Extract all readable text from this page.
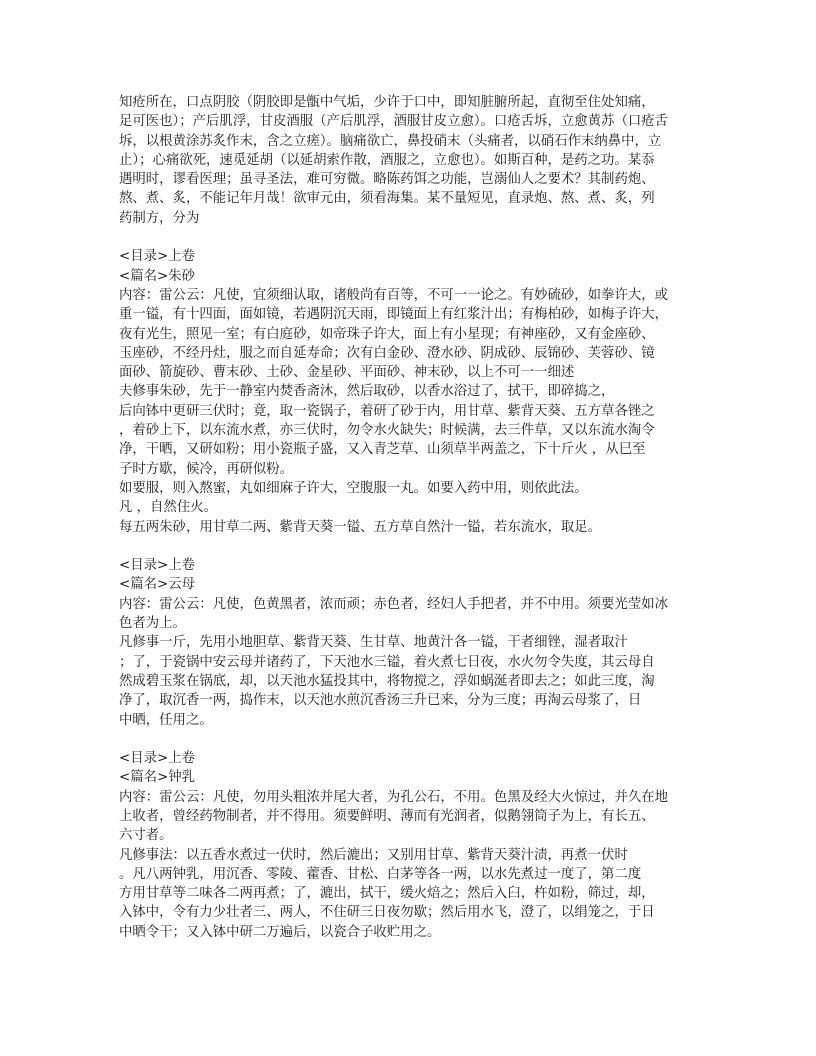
知疮所在，口点阴胶（阴胶即是甑中气垢，少许于口中，即知脏腑所起，直彻至住处知痛，
足可医也）；产后肌浮，甘皮酒服（产后肌浮，酒服甘皮立愈）。口疮舌坼，立愈黄苏（口疮舌
坼，以根黄涂苏炙作末，含之立瘥）。脑痛欲亡，鼻投硝末（头痛者，以硝石作末纳鼻中，立
止）；心痛欲死，速觅延胡（以延胡索作散，酒服之，立愈也）。如斯百种，是药之功。某忝
遇明时，谬看医理；虽寻圣法，难可穷微。略陈药饵之功能，岂溺仙人之要术？其制药炮、
熬、煮、炙，不能记年月哉！欲审元由，须看海集。某不量短见，直录炮、熬、煮、炙，列
药制方，分为
<目录>上卷
<篇名>朱砂
内容：雷公云：凡使，宜须细认取，诸般尚有百等，不可一一论之。有妙硫砂，如拳许大，或
重一镒，有十四面，面如镜，若遇阴沉天雨，即镜面上有红浆汁出；有梅柏砂，如梅子许大，
夜有光生，照见一室；有白庭砂，如帝珠子许大，面上有小星现；有神座砂，又有金座砂、
玉座砂，不经丹灶，服之而自延寿命；次有白金砂、澄水砂、阴成砂、辰锦砂、芙蓉砂、镜
面砂、箭旋砂、曹末砂、土砂、金星砂、平面砂、神末砂，以上不可一一细述
夫修事朱砂，先于一静室内焚香斋沐，然后取砂，以香水浴过了，拭干，即碎捣之，
后向钵中更研三伏时；竟，取一瓷锅子，着研了砂于内，用甘草、紫背天葵、五方草各锉之
，着砂上下，以东流水煮，亦三伏时，勿令水火缺失；时候满，去三件草，又以东流水淘令
净，干晒，又研如粉；用小瓷瓶子盛，又入青芝草、山须草半两盖之，下十斤火 ，从巳至
子时方歇，候冷，再研似粉。
如要服，则入熬蜜，丸如细麻子许大，空腹服一丸。如要入药中用，则依此法。
凡 ，自然住火。
每五两朱砂，用甘草二两、紫背天葵一镒、五方草自然汁一镒，若东流水，取足。
<目录>上卷
<篇名>云母
内容：雷公云：凡使，色黄黑者，浓而顽；赤色者，经妇人手把者，并不中用。须要光莹如冰
色者为上。
凡修事一斤，先用小地胆草、紫背天葵、生甘草、地黄汁各一镒，干者细锉，湿者取汁
；了，于瓷锅中安云母并诸药了，下天池水三镒，着火煮七日夜，水火勿令失度，其云母自
然成碧玉浆在锅底，却，以天池水猛投其中，将物搅之，浮如蜗涎者即去之；如此三度，淘
净了，取沉香一两，捣作末，以天池水煎沉香汤三升已来，分为三度；再淘云母浆了，日
中晒，任用之。
<目录>上卷
<篇名>钟乳
内容：雷公云：凡使，勿用头粗浓并尾大者，为孔公石，不用。色黑及经大火惊过，并久在地
上收者，曾经药物制者，并不得用。须要鲜明、薄而有光润者，似鹅翎筒子为上，有长五、
六寸者。
凡修事法：以五香水煮过一伏时，然后漉出；又别用甘草、紫背天葵汁渍，再煮一伏时
。凡八两钟乳，用沉香、零陵、藿香、甘松、白茅等各一两，以水先煮过一度了，第二度
方用甘草等二味各二两再煮；了，漉出，拭干，缓火焙之；然后入臼，杵如粉，筛过，却，
入钵中，令有力少壮者三、两人，不住研三日夜勿歇；然后用水飞，澄了，以绢笼之，于日
中晒令干；又入钵中研二万遍后，以瓷合子收贮用之。
